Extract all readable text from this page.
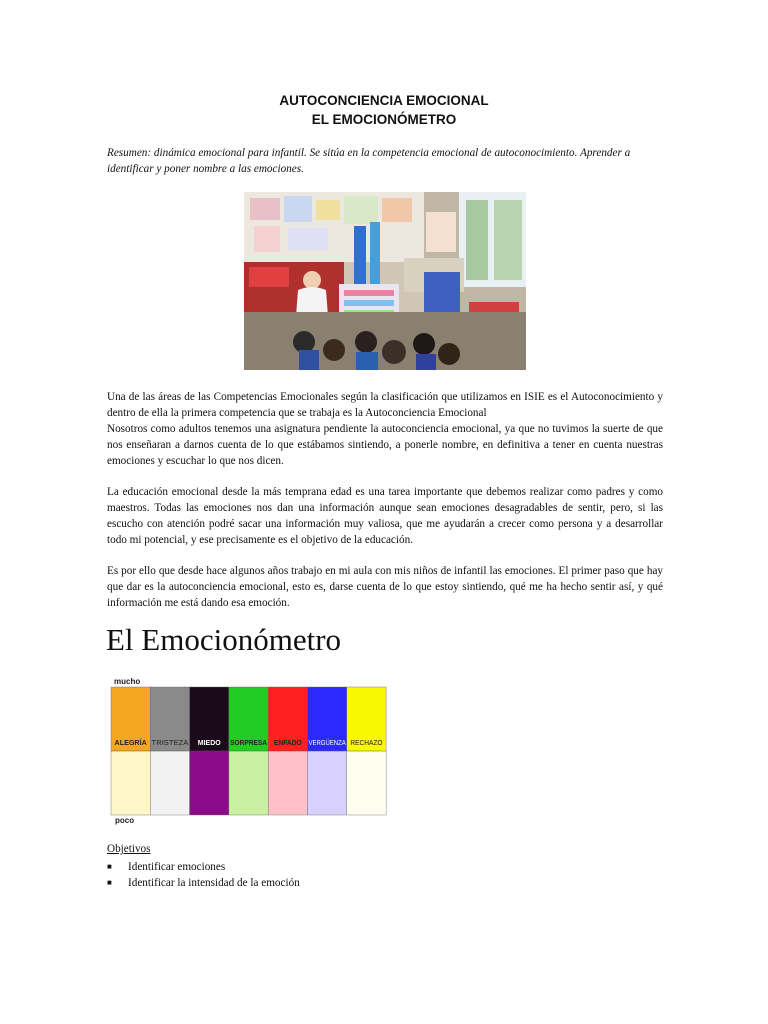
AUTOCONCIENCIA EMOCIONAL
EL EMOCIONÓMETRO

Resumen: dinámica emocional para infantil. Se sitúa en la competencia emocional de autoconocimiento. Aprender a identificar y poner nombre a las emociones.

Una de las áreas de las Competencias Emocionales según la clasificación que utilizamos en ISIE es el Autoconocimiento y dentro de ella la primera competencia que se trabaja es la Autoconciencia Emocional
Nosotros como adultos tenemos una asignatura pendiente la autoconciencia emocional, ya que no tuvimos la suerte de que nos enseñaran a darnos cuenta de lo que estábamos sintiendo, a ponerle nombre, en definitiva a tener en cuenta nuestras emociones y escuchar lo que nos dicen.

La educación emocional desde la más temprana edad es una tarea importante que debemos realizar como padres y como maestros. Todas las emociones nos dan una información aunque sean emociones desagradables de sentir, pero, si las escucho con atención podré sacar una información muy valiosa, que me ayudarán a crecer como persona y a desarrollar todo mi potencial, y ese precisamente es el objetivo de la educación.

Es por ello que desde hace algunos años trabajo en mi aula con mis niños de infantil las emociones. El primer paso que hay que dar es la autoconciencia emocional, esto es, darse cuenta de lo que estoy sintiendo, qué me ha hecho sentir así, y qué información me está dando esa emoción.

El Emocionómetro
mucho
ALEGRÍA TRISTEZA MIEDO SORPRESA ENFADO VERGÜENZA
RECHAZO
poco
Objetivos
■ Identificar emociones
■ Identificar la intensidad de la emoción
